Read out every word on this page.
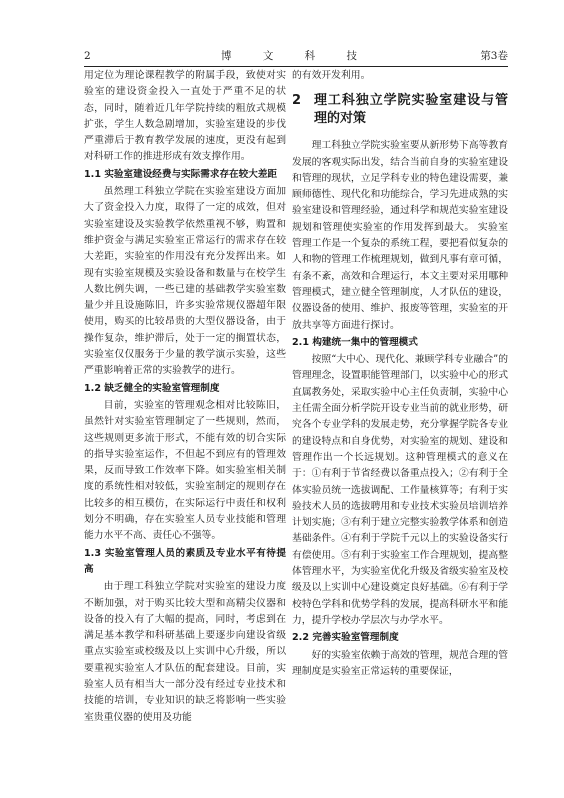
2	博 文 科 技	第3卷

用定位为理论课程教学的附属手段，致使对实验室的建设资金投入一直处于严重不足的状态，同时，随着近几年学院持续的粗放式规模扩张，学生人数急剧增加，实验室建设的步伐严重滞后于教育教学发展的速度，更没有起到对科研工作的推进形成有效支撑作用。

1.1 实验室建设经费与实际需求存在较大差距

虽然理工科独立学院在实验室建设方面加大了资金投入力度，取得了一定的成效，但对实验室建设及实验教学依然重视不够，购置和维护资金与满足实验室正常运行的需求存在较大差距，实验室的作用没有充分发挥出来。如现有实验室规模及实验设备和数量与在校学生人数比例失调，一些已建的基础教学实验室数量少并且设施陈旧，许多实验常规仪器超年限使用，购买的比较昂贵的大型仪器设备，由于操作复杂，维护滞后，处于一定的搁置状态，实验室仅仅服务于少量的教学演示实验，这些严重影响着正常的实验教学的进行。

1.2 缺乏健全的实验室管理制度

目前，实验室的管理观念相对比较陈旧，虽然针对实验室管理制定了一些规则，然而，这些规则更多流于形式，不能有效的切合实际的指导实验室运作，不但起不到应有的管理效果，反而导致工作效率下降。如实验室相关制度的系统性相对较低，实验室制定的规则存在比较多的相互模仿，在实际运行中责任和权利划分不明确，存在实验室人员专业技能和管理能力水平不高、责任心不强等。

1.3 实验室管理人员的素质及专业水平有待提高

由于理工科独立学院对实验室的建设力度不断加强，对于购买比较大型和高精尖仪器和设备的投入有了大幅的提高，同时，考虑到在满足基本教学和科研基础上要逐步向建设省级重点实验室或校级及以上实训中心升级，所以要重视实验室人才队伍的配套建设。目前，实验室人员有相当大一部分没有经过专业技术和技能的培训，专业知识的缺乏将影响一些实验室贵重仪器的使用及功能

的有效开发利用。

2 理工科独立学院实验室建设与管理的对策

理工科独立学院实验室要从新形势下高等教育发展的客观实际出发，结合当前自身的实验室建设和管理的现状，立足学科专业的特色建设需要，兼顾师德性、现代化和功能综合，学习先进成熟的实验室建设和管理经验，通过科学和规范实验室建设规划和管理使实验室的作用发挥到最大。 实验室管理工作是一个复杂的系统工程，要把看似复杂的人和物的管理工作梳理规划，做到凡事有章可循，有条不紊，高效和合理运行，本文主要对采用哪种管理模式，建立健全管理制度，人才队伍的建设，仪器设备的使用、维护、报废等管理，实验室的开放共享等方面进行探讨。

2.1 构建统一集中的管理模式

按照“大中心、现代化、兼顾学科专业融合”的管理理念，设置职能管理部门，以实验中心的形式直属教务处，采取实验中心主任负责制，实验中心主任需全面分析学院开设专业当前的就业形势，研究各个专业学科的发展走势，充分掌握学院各专业的建设特点和自身优势，对实验室的规划、建设和管理作出一个长远规划。这种管理模式的意义在于：①有利于节省经费以备重点投入；②有利于全体实验员统一选拔调配、工作量核算等；有利于实验技术人员的选拔聘用和专业技术实验员培训培养计划实施；③有利于建立完整实验教学体系和创造基础条件。④有利于学院千元以上的实验设备实行有偿使用。⑤有利于实验室工作合理规划，提高整体管理水平，为实验室优化升级及省级实验室及校级及以上实训中心建设奠定良好基础。⑥有利于学校特色学科和优势学科的发展，提高科研水平和能力，提升学校办学层次与办学水平。

2.2 完善实验室管理制度

好的实验室依赖于高效的管理，规范合理的管理制度是实验室正常运转的重要保证，
